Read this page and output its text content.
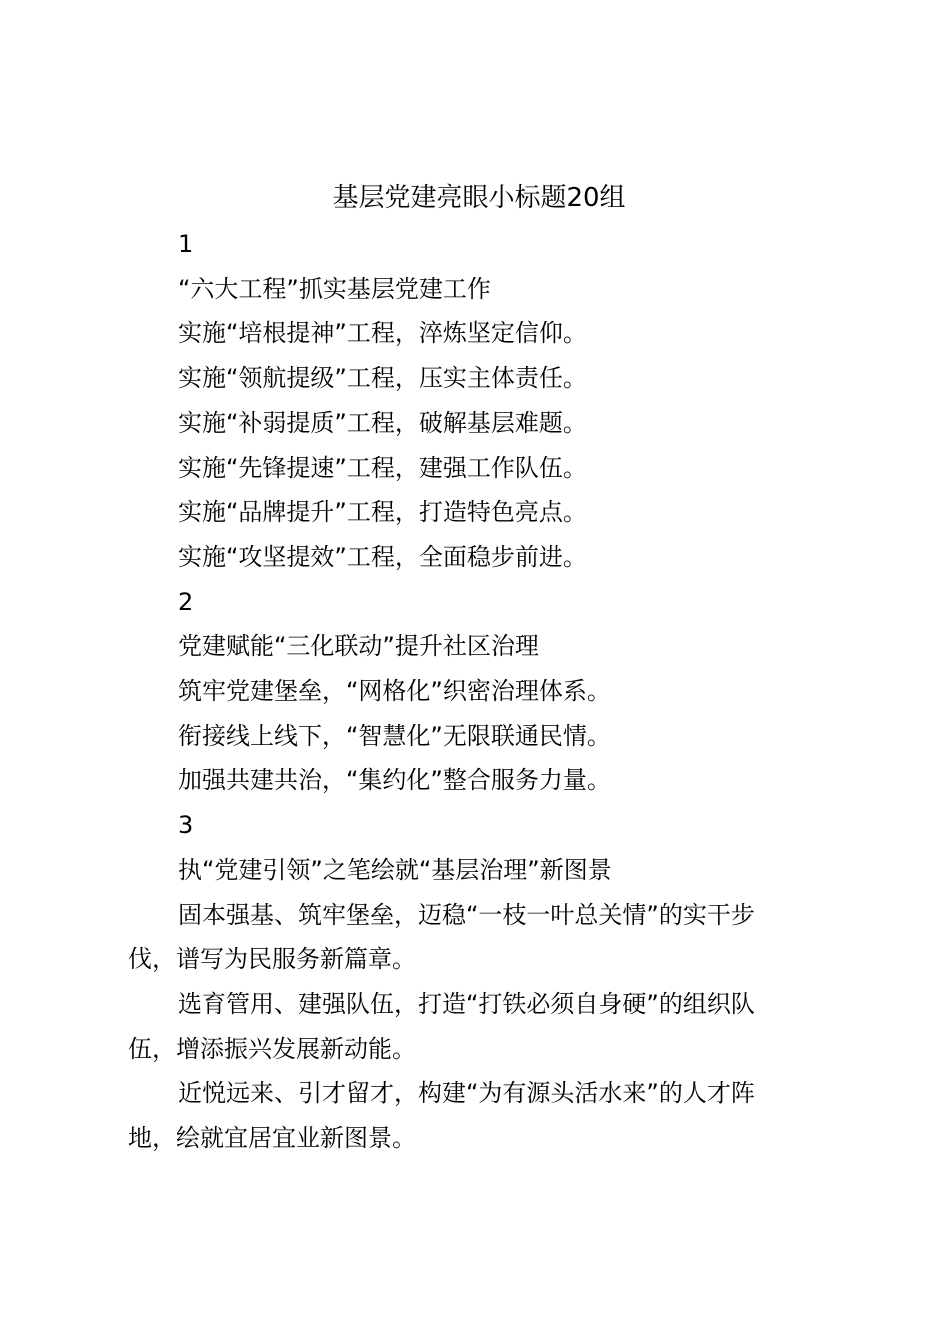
基层党建亮眼小标题20组
1
“六大工程”抓实基层党建工作
实施“培根提神”工程，淬炼坚定信仰。
实施“领航提级”工程，压实主体责任。
实施“补弱提质”工程，破解基层难题。
实施“先锋提速”工程，建强工作队伍。
实施“品牌提升”工程，打造特色亮点。
实施“攻坚提效”工程，全面稳步前进。
2
党建赋能“三化联动”提升社区治理
筑牢党建堡垒，“网格化”织密治理体系。
衔接线上线下，“智慧化”无限联通民情。
加强共建共治，“集约化”整合服务力量。
3
执“党建引领”之笔绘就“基层治理”新图景
固本强基、筑牢堡垒，迈稳“一枝一叶总关情”的实干步伐，谱写为民服务新篇章。
选育管用、建强队伍，打造“打铁必须自身硬”的组织队伍，增添振兴发展新动能。
近悦远来、引才留才，构建“为有源头活水来”的人才阵地，绘就宜居宜业新图景。
